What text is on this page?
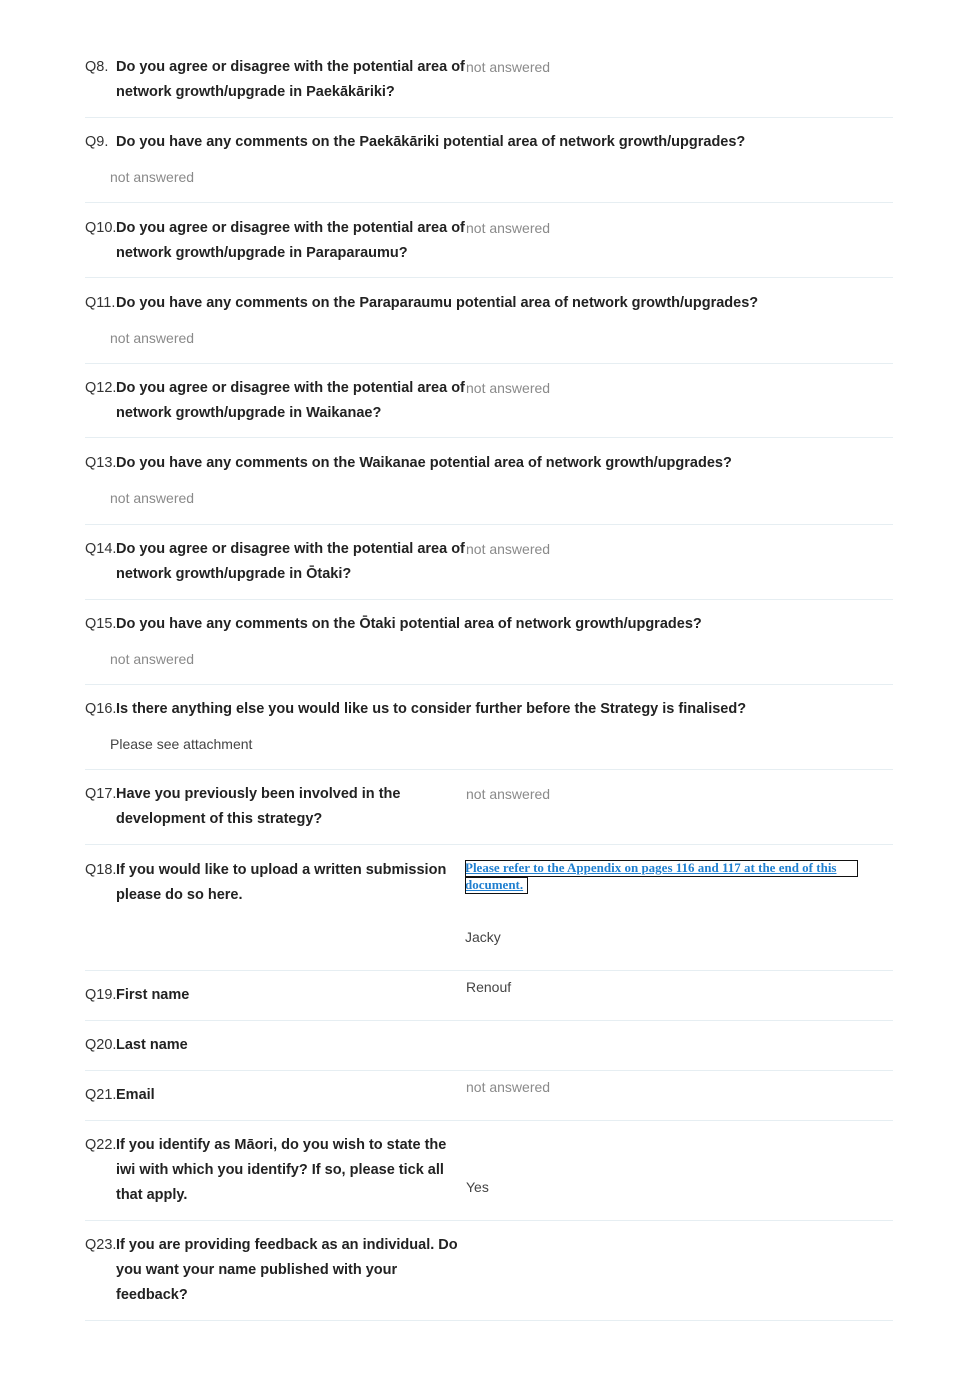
Q8. Do you agree or disagree with the potential area of network growth/upgrade in Paekākāriki?
not answered
Q9. Do you have any comments on the Paekākāriki potential area of network growth/upgrades?
not answered
Q10. Do you agree or disagree with the potential area of network growth/upgrade in Paraparaumu?
not answered
Q11. Do you have any comments on the Paraparaumu potential area of network growth/upgrades?
not answered
Q12. Do you agree or disagree with the potential area of network growth/upgrade in Waikanae?
not answered
Q13. Do you have any comments on the Waikanae potential area of network growth/upgrades?
not answered
Q14. Do you agree or disagree with the potential area of network growth/upgrade in Ōtaki?
not answered
Q15. Do you have any comments on the Ōtaki potential area of network growth/upgrades?
not answered
Q16. Is there anything else you would like us to consider further before the Strategy is finalised?
Please see attachment
Q17. Have you previously been involved in the development of this strategy?
not answered
Q18. If you would like to upload a written submission please do so here.
Please refer to the Appendix on pages 116 and 117 at the end of this
document.
Jacky
Q19. First name	Renouf
Q20. Last name
not answered
Q21. Email
Q22. If you identify as Māori, do you wish to state the iwi with which you identify? If so, please tick all that apply.	Yes
Q23. If you are providing feedback as an individual. Do you want your name published with your feedback?
